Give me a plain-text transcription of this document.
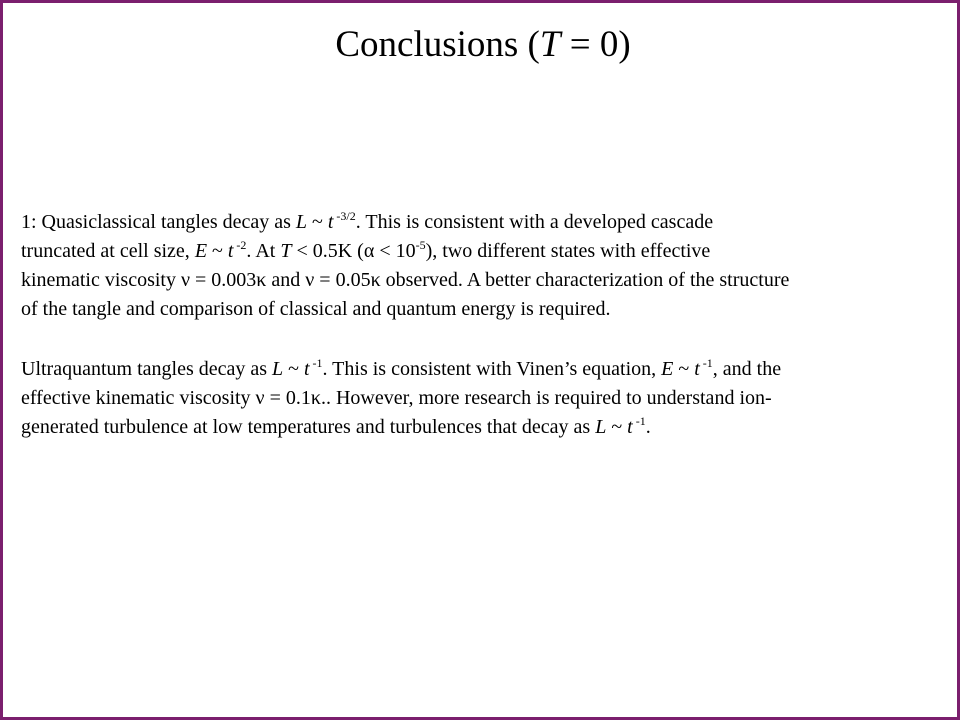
Conclusions (T = 0)
1: Quasiclassical tangles decay as L ~ t $^{-3/2}$. This is consistent with a developed cascade
truncated at cell size, E ~ t $^{-2}$. At T < 0.5K $(\alpha < 10^{-5})$, two different states with effective
kinematic viscosity ν = 0.003κ and ν = 0.05κ observed. A better characterization of the structure
of the tangle and comparison of classical and quantum energy is required.
Ultraquantum tangles decay as L ~ t $^{-1}$. This is consistent with Vinen’s equation, E ~ t $^{-1}$, and the
effective kinematic viscosity ν = 0.1κ.. However, more research is required to understand ion-
generated turbulence at low temperatures and turbulences that decay as L ~ t $^{-1}$.
